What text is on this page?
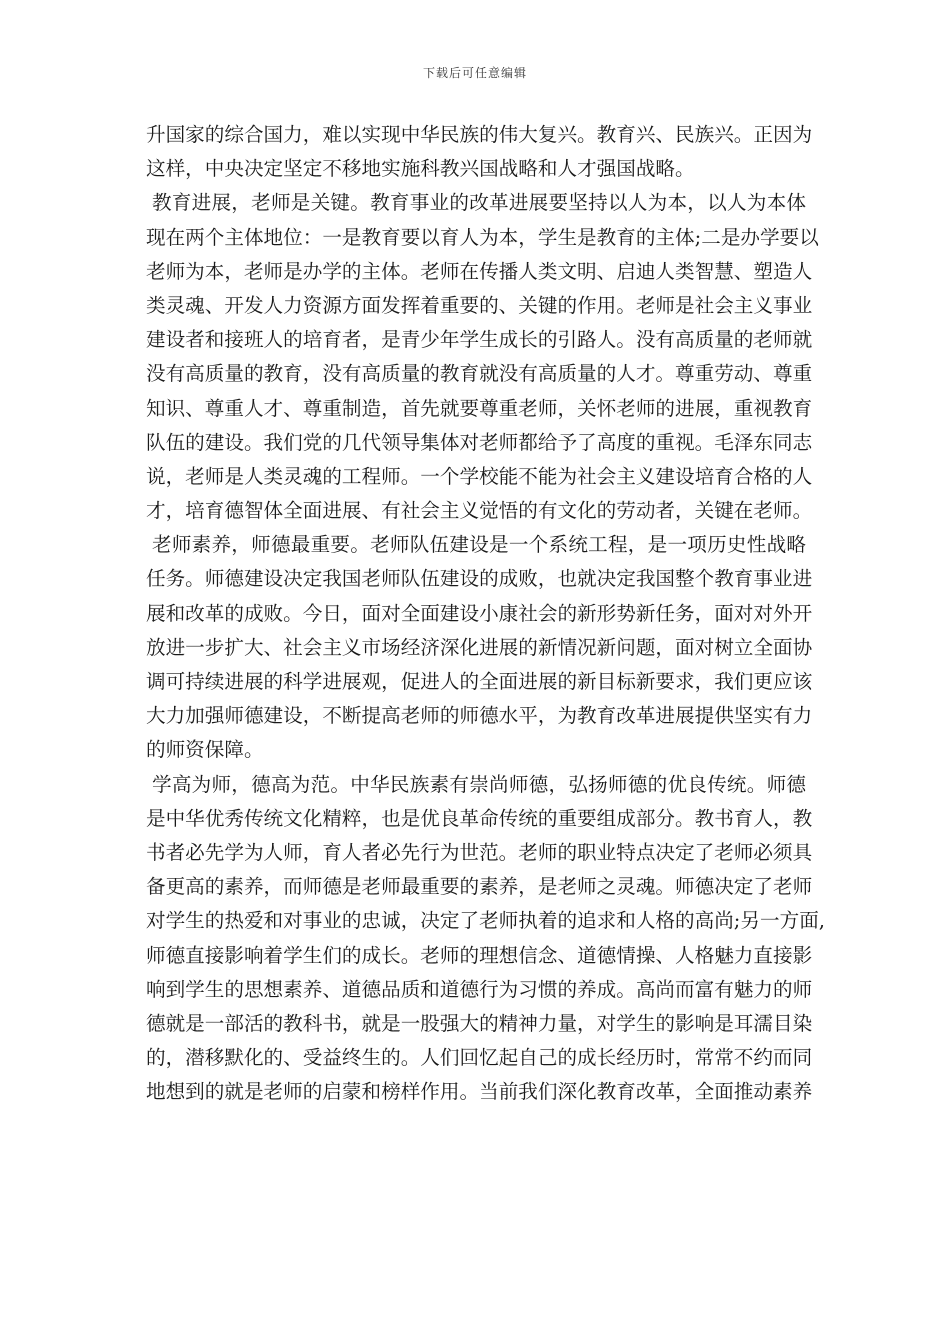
下载后可任意编辑
升国家的综合国力，难以实现中华民族的伟大复兴。教育兴、民族兴。正因为
这样，中央决定坚定不移地实施科教兴国战略和人才强国战略。
教育进展，老师是关键。教育事业的改革进展要坚持以人为本，以人为本体
现在两个主体地位：一是教育要以育人为本，学生是教育的主体;二是办学要以
老师为本，老师是办学的主体。老师在传播人类文明、启迪人类智慧、塑造人
类灵魂、开发人力资源方面发挥着重要的、关键的作用。老师是社会主义事业
建设者和接班人的培育者，是青少年学生成长的引路人。没有高质量的老师就
没有高质量的教育，没有高质量的教育就没有高质量的人才。尊重劳动、尊重
知识、尊重人才、尊重制造，首先就要尊重老师，关怀老师的进展，重视教育
队伍的建设。我们党的几代领导集体对老师都给予了高度的重视。毛泽东同志
说，老师是人类灵魂的工程师。一个学校能不能为社会主义建设培育合格的人
才，培育德智体全面进展、有社会主义觉悟的有文化的劳动者，关键在老师。
老师素养，师德最重要。老师队伍建设是一个系统工程，是一项历史性战略
任务。师德建设决定我国老师队伍建设的成败，也就决定我国整个教育事业进
展和改革的成败。今日，面对全面建设小康社会的新形势新任务，面对对外开
放进一步扩大、社会主义市场经济深化进展的新情况新问题，面对树立全面协
调可持续进展的科学进展观，促进人的全面进展的新目标新要求，我们更应该
大力加强师德建设，不断提高老师的师德水平，为教育改革进展提供坚实有力
的师资保障。
学高为师，德高为范。中华民族素有崇尚师德，弘扬师德的优良传统。师德
是中华优秀传统文化精粹，也是优良革命传统的重要组成部分。教书育人，教
书者必先学为人师，育人者必先行为世范。老师的职业特点决定了老师必须具
备更高的素养，而师德是老师最重要的素养，是老师之灵魂。师德决定了老师
对学生的热爱和对事业的忠诚，决定了老师执着的追求和人格的高尚;另一方面,
师德直接影响着学生们的成长。老师的理想信念、道德情操、人格魅力直接影
响到学生的思想素养、道德品质和道德行为习惯的养成。高尚而富有魅力的师
德就是一部活的教科书，就是一股强大的精神力量，对学生的影响是耳濡目染
的，潜移默化的、受益终生的。人们回忆起自己的成长经历时，常常不约而同
地想到的就是老师的启蒙和榜样作用。当前我们深化教育改革，全面推动素养
